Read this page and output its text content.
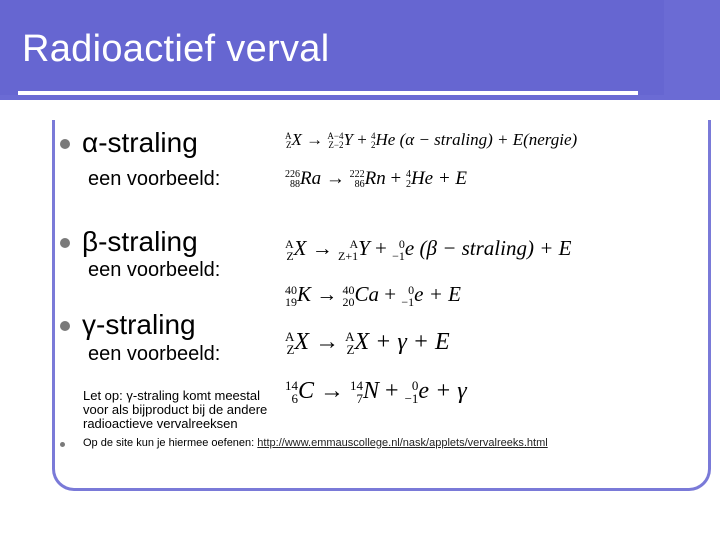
Radioactief verval
α-straling
een voorbeeld:
β-straling
een voorbeeld:
γ-straling
een voorbeeld:
Let op: γ-straling komt meestal
voor als bijproduct bij de andere
radioactieve vervalreeksen
Op de site kun je hiermee oefenen: http://www.emmauscollege.nl/nask/applets/vervalreeks.html
A
Z X → A−4
Z−2 Y + 4
2 He (α − straling) + E(nergie)
226
88 Ra → 222
86 Rn + 4
2 He + E
A
Z X → A
Z+1 Y + 0
−1 e (β − straling) + E
40
19 K → 40
20 Ca + 0
−1 e + E
A
Z X → A
Z X + γ + E
14
6 C → 14
7 N + 0
−1 e + γ
